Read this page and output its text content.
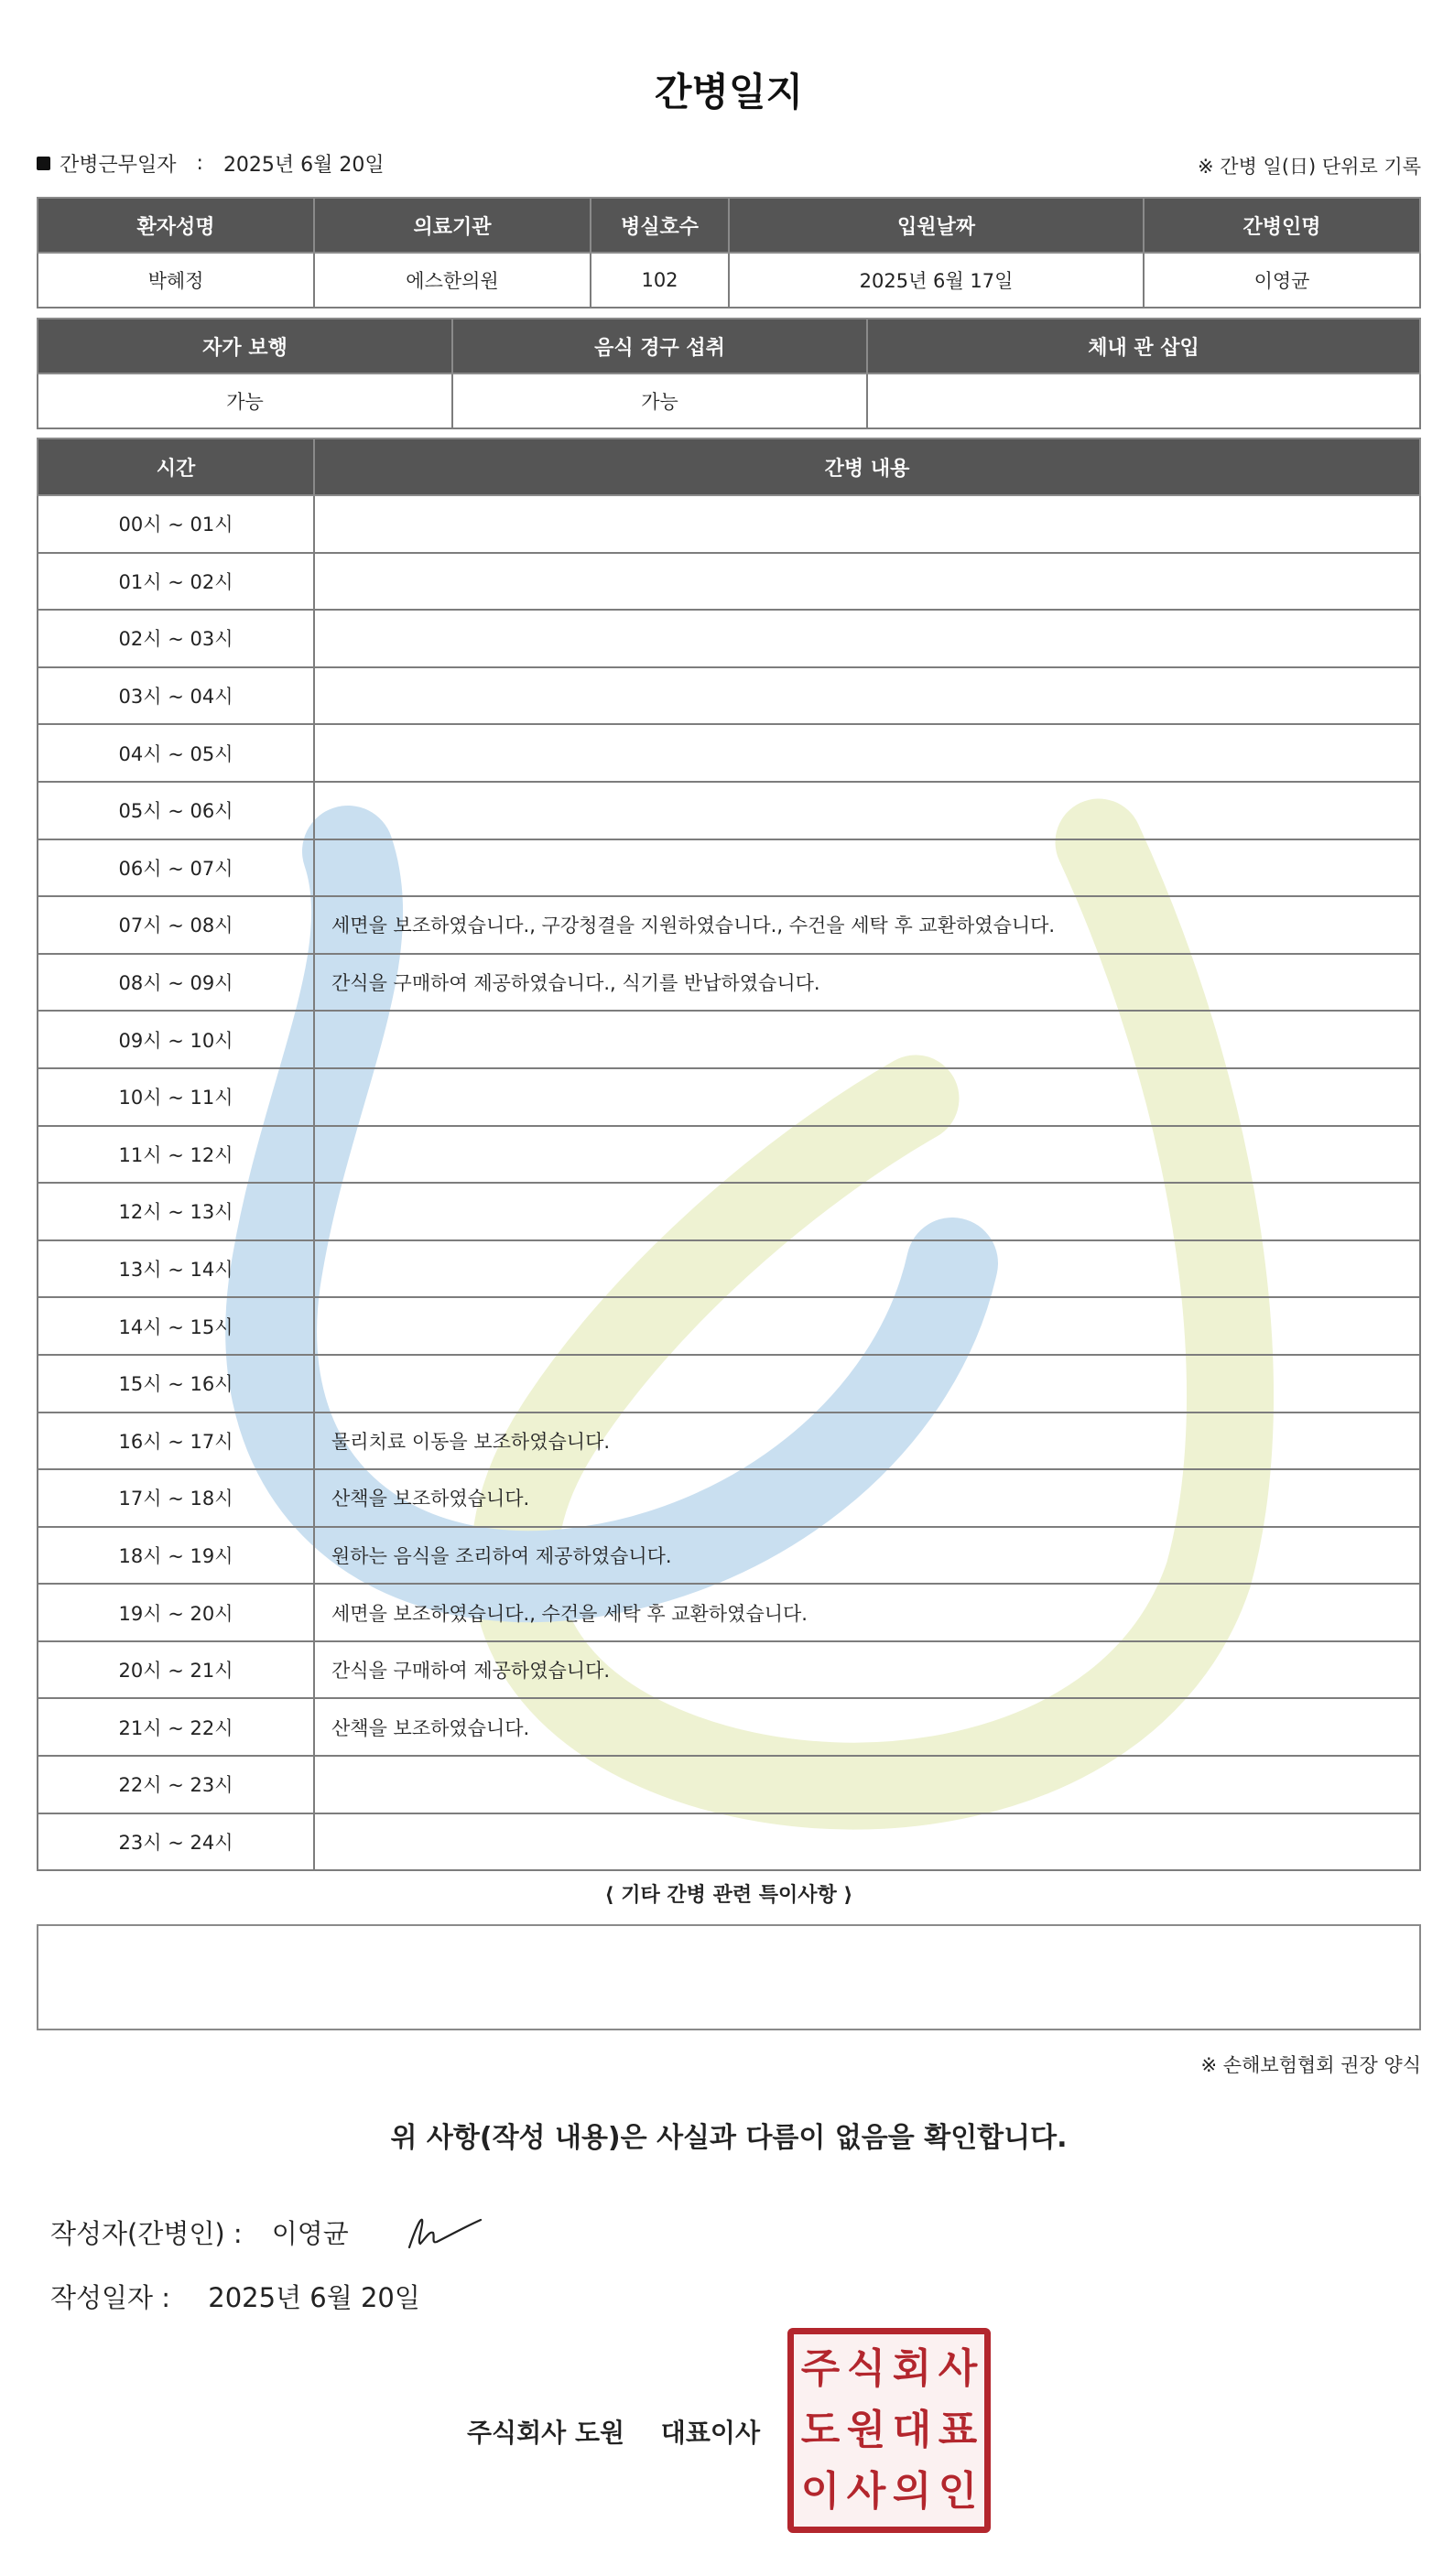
간병일지
간병근무일자 : 2025년 6월 20일	※ 간병 일(日) 단위로 기록
환자성명	의료기관	병실호수	입원날짜	간병인명
박혜정	에스한의원	102	2025년 6월 17일	이영균
자가 보행	음식 경구 섭취	체내 관 삽입
가능	가능	
시간	간병 내용
00시 ~ 01시	
01시 ~ 02시	
02시 ~ 03시	
03시 ~ 04시	
04시 ~ 05시	
05시 ~ 06시	
06시 ~ 07시	
07시 ~ 08시	세면을 보조하였습니다., 구강청결을 지원하였습니다., 수건을 세탁 후 교환하였습니다.
08시 ~ 09시	간식을 구매하여 제공하였습니다., 식기를 반납하였습니다.
09시 ~ 10시	
10시 ~ 11시	
11시 ~ 12시	
12시 ~ 13시	
13시 ~ 14시	
14시 ~ 15시	
15시 ~ 16시	
16시 ~ 17시	물리치료 이동을 보조하였습니다.
17시 ~ 18시	산책을 보조하였습니다.
18시 ~ 19시	원하는 음식을 조리하여 제공하였습니다.
19시 ~ 20시	세면을 보조하였습니다., 수건을 세탁 후 교환하였습니다.
20시 ~ 21시	간식을 구매하여 제공하였습니다.
21시 ~ 22시	산책을 보조하였습니다.
22시 ~ 23시	
23시 ~ 24시	
⟨ 기타 간병 관련 특이사항 ⟩
※ 손해보험협회 권장 양식
위 사항(작성 내용)은 사실과 다름이 없음을 확인합니다.
작성자(간병인) : 이영균
작성일자 : 2025년 6월 20일
주식회사 도원 대표이사
주 식 회 사
도 원 대 표
이 사 의 인
